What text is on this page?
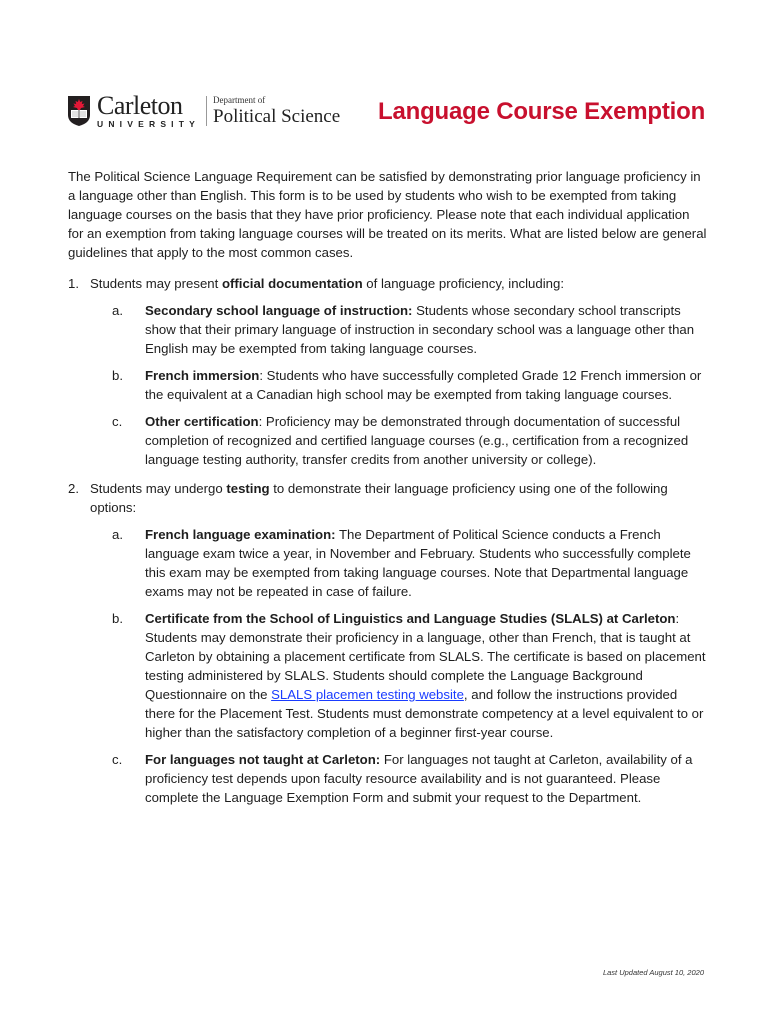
Carleton
UNIVERSITY
Department of
Political Science Language Course Exemption

The Political Science Language Requirement can be satisfied by demonstrating prior language proficiency in a language other than English. This form is to be used by students who wish to be exempted from taking language courses on the basis that they have prior proficiency. Please note that each individual application for an exemption from taking language courses will be treated on its merits. What are listed below are general guidelines that apply to the most common cases.

1. Students may present official documentation of language proficiency, including:
a. Secondary school language of instruction: Students whose secondary school transcripts show that their primary language of instruction in secondary school was a language other than English may be exempted from taking language courses.
b. French immersion: Students who have successfully completed Grade 12 French immersion or the equivalent at a Canadian high school may be exempted from taking language courses.
c. Other certification: Proficiency may be demonstrated through documentation of successful completion of recognized and certified language courses (e.g., certification from a recognized language testing authority, transfer credits from another university or college).
2. Students may undergo testing to demonstrate their language proficiency using one of the following options:
a. French language examination: The Department of Political Science conducts a French language exam twice a year, in November and February. Students who successfully complete this exam may be exempted from taking language courses. Note that Departmental language exams may not be repeated in case of failure.
b. Certificate from the School of Linguistics and Language Studies (SLALS) at Carleton: Students may demonstrate their proficiency in a language, other than French, that is taught at Carleton by obtaining a placement certificate from SLALS. The certificate is based on placement testing administered by SLALS. Students should complete the Language Background Questionnaire on the SLALS placemen testing website, and follow the instructions provided there for the Placement Test. Students must demonstrate competency at a level equivalent to or higher than the satisfactory completion of a beginner first-year course.
c. For languages not taught at Carleton: For languages not taught at Carleton, availability of a proficiency test depends upon faculty resource availability and is not guaranteed. Please complete the Language Exemption Form and submit your request to the Department.
Last Updated August 10, 2020
